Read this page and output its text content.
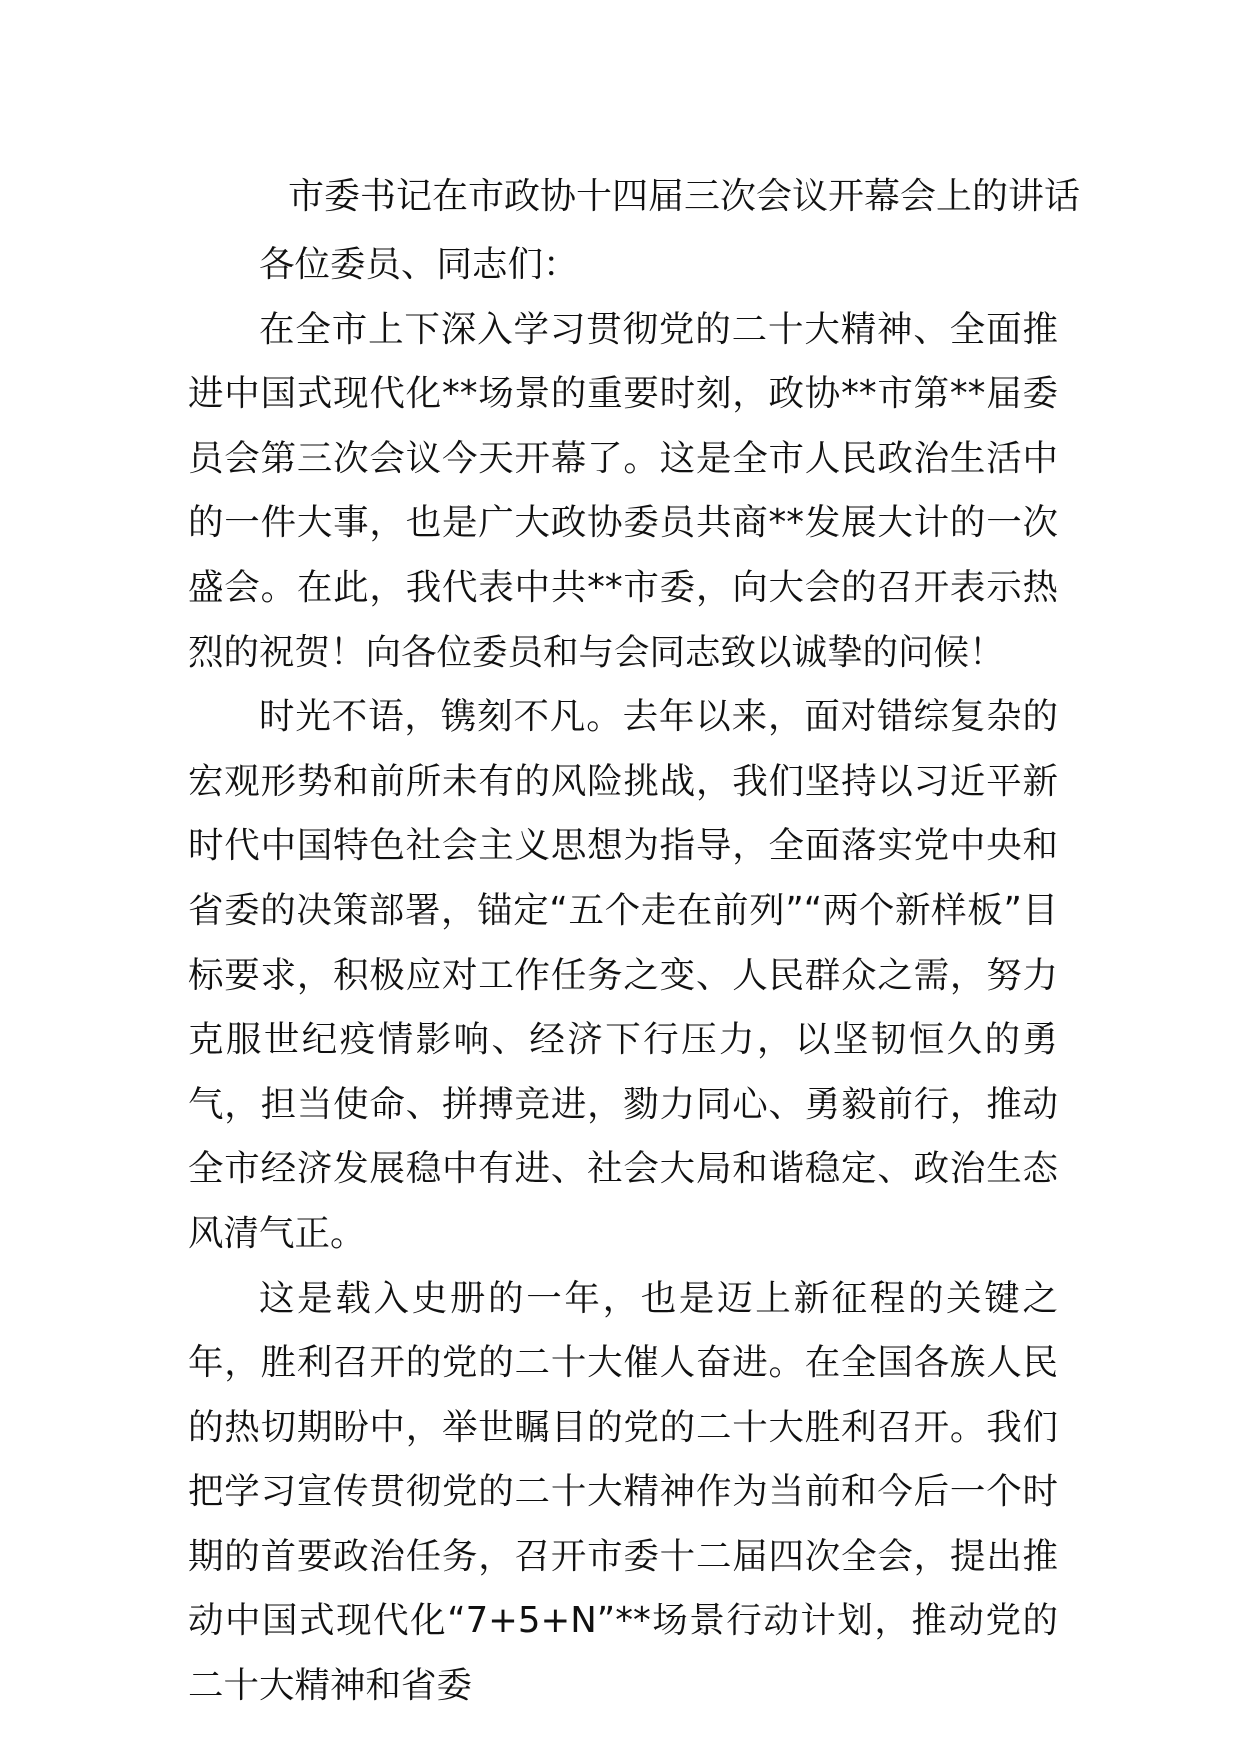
市委书记在市政协十四届三次会议开幕会上的讲话

各位委员、同志们：

在全市上下深入学习贯彻党的二十大精神、全面推进中国式现代化**场景的重要时刻，政协**市第**届委员会第三次会议今天开幕了。这是全市人民政治生活中的一件大事，也是广大政协委员共商**发展大计的一次盛会。在此，我代表中共**市委，向大会的召开表示热烈的祝贺！向各位委员和与会同志致以诚挚的问候！

时光不语，镌刻不凡。去年以来，面对错综复杂的宏观形势和前所未有的风险挑战，我们坚持以习近平新时代中国特色社会主义思想为指导，全面落实党中央和省委的决策部署，锚定“五个走在前列”“两个新样板”目标要求，积极应对工作任务之变、人民群众之需，努力克服世纪疫情影响、经济下行压力，以坚韧恒久的勇气，担当使命、拼搏竞进，勠力同心、勇毅前行，推动全市经济发展稳中有进、社会大局和谐稳定、政治生态风清气正。

这是载入史册的一年，也是迈上新征程的关键之年，胜利召开的党的二十大催人奋进。在全国各族人民的热切期盼中，举世瞩目的党的二十大胜利召开。我们把学习宣传贯彻党的二十大精神作为当前和今后一个时期的首要政治任务，召开市委十二届四次全会，提出推动中国式现代化“7+5+N”**场景行动计划，推动党的二十大精神和省委
